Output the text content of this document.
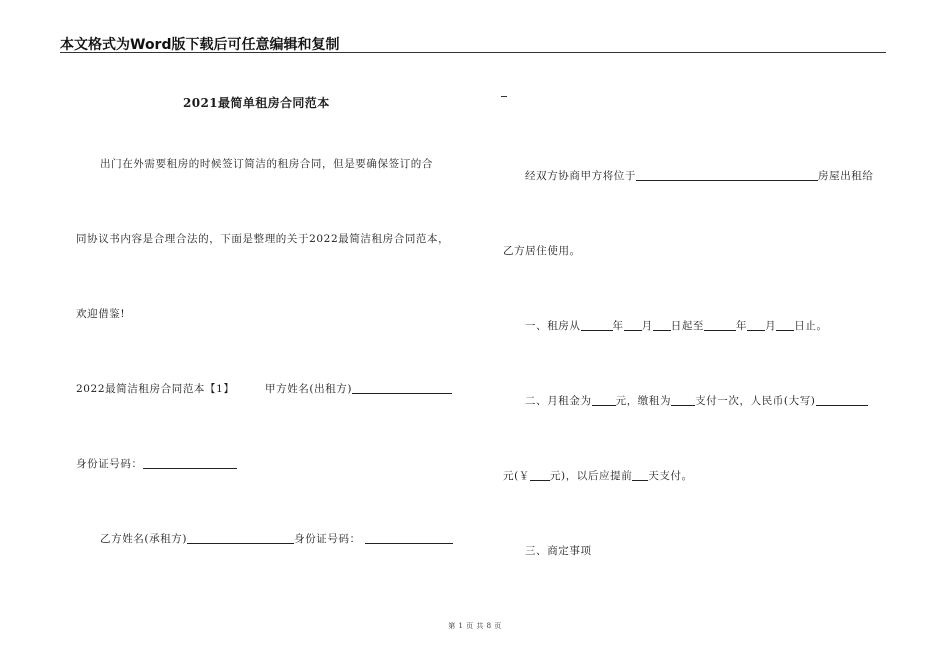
本文格式为Word版下载后可任意编辑和复制
2021最简单租房合同范本
出门在外需要租房的时候签订简洁的租房合同，但是要确保签订的合
同协议书内容是合理合法的，下面是整理的关于2022最简洁租房合同范本，
欢迎借鉴!
2022最简洁租房合同范本【1】	甲方姓名(出租方)
身份证号码：
乙方姓名(承租方)	身份证号码：
经双方协商甲方将位于	房屋出租给
乙方居住使用。
一、租房从	年 月 日起至	年 月 日止。
二、月租金为 元，缴租为 支付一次，人民币(大写)
元(￥ 元)，以后应提前 天支付。
三、商定事项
第 1 页 共 8 页
